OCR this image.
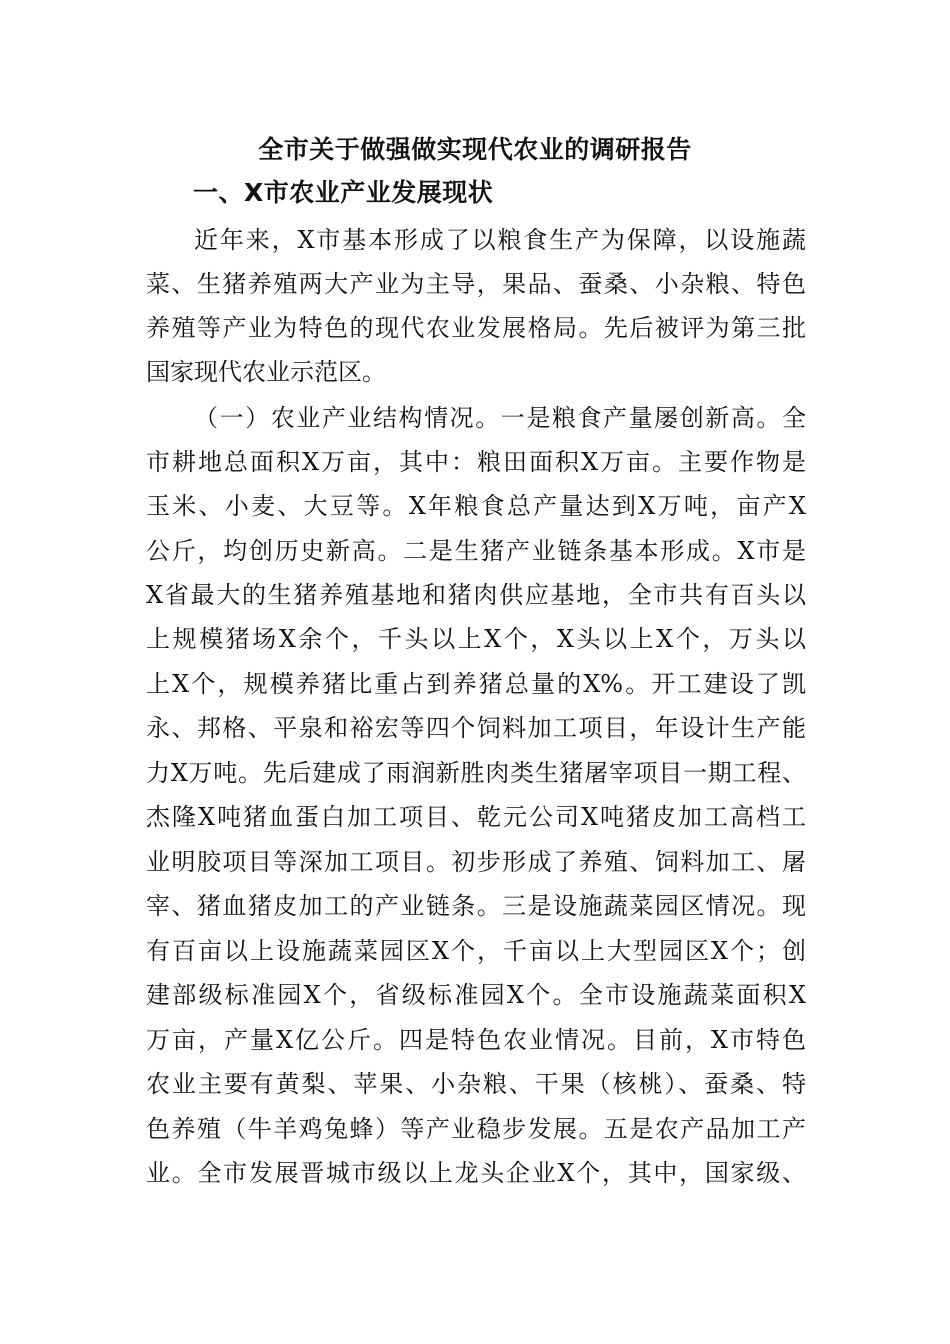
全市关于做强做实现代农业的调研报告
一、X市农业产业发展现状
近年来，X市基本形成了以粮食生产为保障，以设施蔬
菜、生猪养殖两大产业为主导，果品、蚕桑、小杂粮、特色
养殖等产业为特色的现代农业发展格局。先后被评为第三批
国家现代农业示范区。
（一）农业产业结构情况。一是粮食产量屡创新高。全
市耕地总面积X万亩，其中：粮田面积X万亩。主要作物是
玉米、小麦、大豆等。X年粮食总产量达到X万吨，亩产X
公斤，均创历史新高。二是生猪产业链条基本形成。X市是
X省最大的生猪养殖基地和猪肉供应基地，全市共有百头以
上规模猪场X余个，千头以上X个，X头以上X个，万头以
上X个，规模养猪比重占到养猪总量的X%。开工建设了凯
永、邦格、平泉和裕宏等四个饲料加工项目，年设计生产能
力X万吨。先后建成了雨润新胜肉类生猪屠宰项目一期工程、
杰隆X吨猪血蛋白加工项目、乾元公司X吨猪皮加工高档工
业明胶项目等深加工项目。初步形成了养殖、饲料加工、屠
宰、猪血猪皮加工的产业链条。三是设施蔬菜园区情况。现
有百亩以上设施蔬菜园区X个，千亩以上大型园区X个；创
建部级标准园X个，省级标准园X个。全市设施蔬菜面积X
万亩，产量X亿公斤。四是特色农业情况。目前，X市特色
农业主要有黄梨、苹果、小杂粮、干果（核桃）、蚕桑、特
色养殖（牛羊鸡兔蜂）等产业稳步发展。五是农产品加工产
业。全市发展晋城市级以上龙头企业X个，其中，国家级、
